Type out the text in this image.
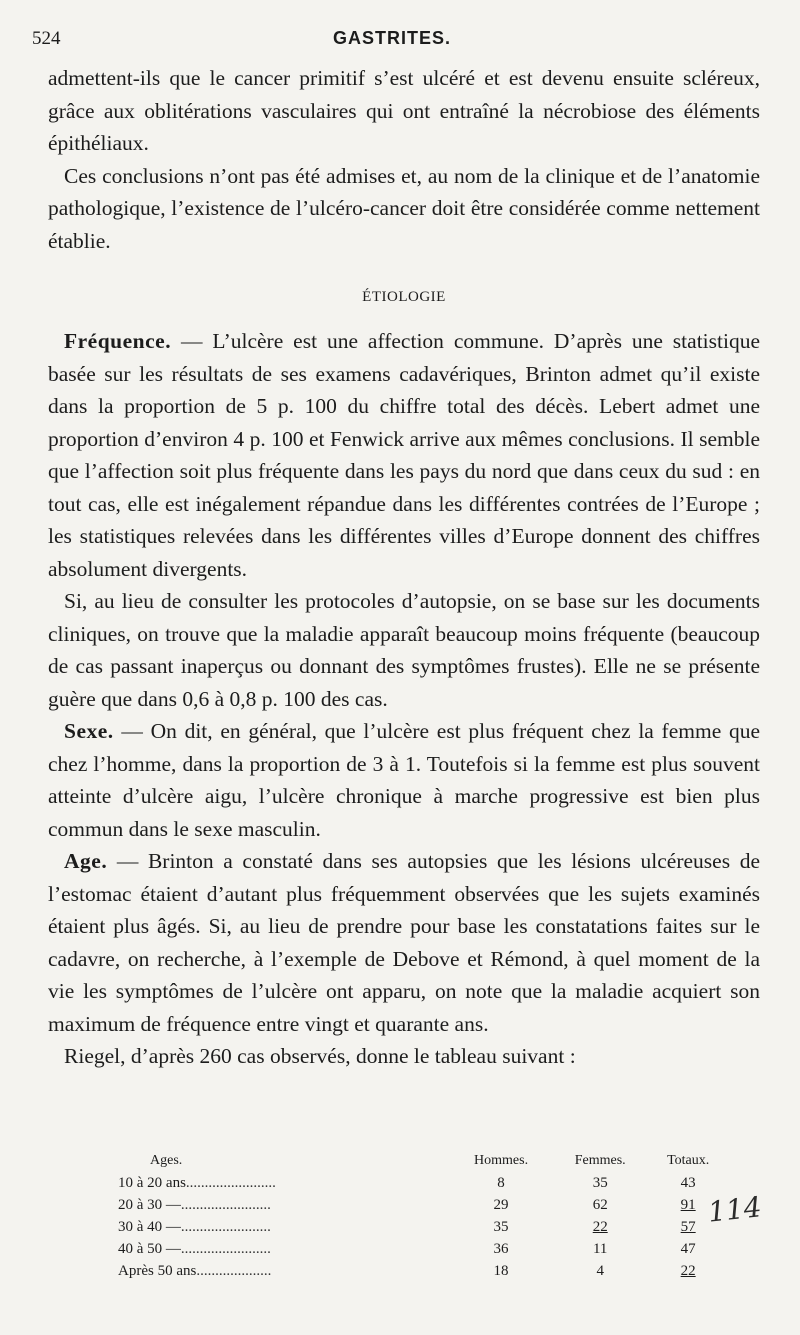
524	GASTRITES.

admettent-ils que le cancer primitif s’est ulcéré et est devenu ensuite scléreux, grâce aux oblitérations vasculaires qui ont entraîné la nécrobiose des éléments épithéliaux.

Ces conclusions n’ont pas été admises et, au nom de la clinique et de l’anatomie pathologique, l’existence de l’ulcéro-cancer doit être considérée comme nettement établie.

ÉTIOLOGIE

Fréquence. — L’ulcère est une affection commune. D’après une statistique basée sur les résultats de ses examens cadavériques, Brinton admet qu’il existe dans la proportion de 5 p. 100 du chiffre total des décès. Lebert admet une proportion d’environ 4 p. 100 et Fenwick arrive aux mêmes conclusions. Il semble que l’affection soit plus fréquente dans les pays du nord que dans ceux du sud : en tout cas, elle est inégalement répandue dans les différentes contrées de l’Europe ; les statistiques relevées dans les différentes villes d’Europe donnent des chiffres absolument divergents.

Si, au lieu de consulter les protocoles d’autopsie, on se base sur les documents cliniques, on trouve que la maladie apparaît beaucoup moins fréquente (beaucoup de cas passant inaperçus ou donnant des symptômes frustes). Elle ne se présente guère que dans 0,6 à 0,8 p. 100 des cas.

Sexe. — On dit, en général, que l’ulcère est plus fréquent chez la femme que chez l’homme, dans la proportion de 3 à 1. Toutefois si la femme est plus souvent atteinte d’ulcère aigu, l’ulcère chronique à marche progressive est bien plus commun dans le sexe masculin.

Age. — Brinton a constaté dans ses autopsies que les lésions ulcéreuses de l’estomac étaient d’autant plus fréquemment observées que les sujets examinés étaient plus âgés. Si, au lieu de prendre pour base les constatations faites sur le cadavre, on recherche, à l’exemple de Debove et Rémond, à quel moment de la vie les symptômes de l’ulcère ont apparu, on note que la maladie acquiert son maximum de fréquence entre vingt et quarante ans.

Riegel, d’après 260 cas observés, donne le tableau suivant :

Ages.	Hommes.	Femmes.	Totaux.
10 à 20 ans........................	8	35	43
20 à 30 —........................	29	62	91
30 à 40 —........................	35	22	57
40 à 50 —........................	36	11	47
Après 50 ans....................	18	4	22
114
